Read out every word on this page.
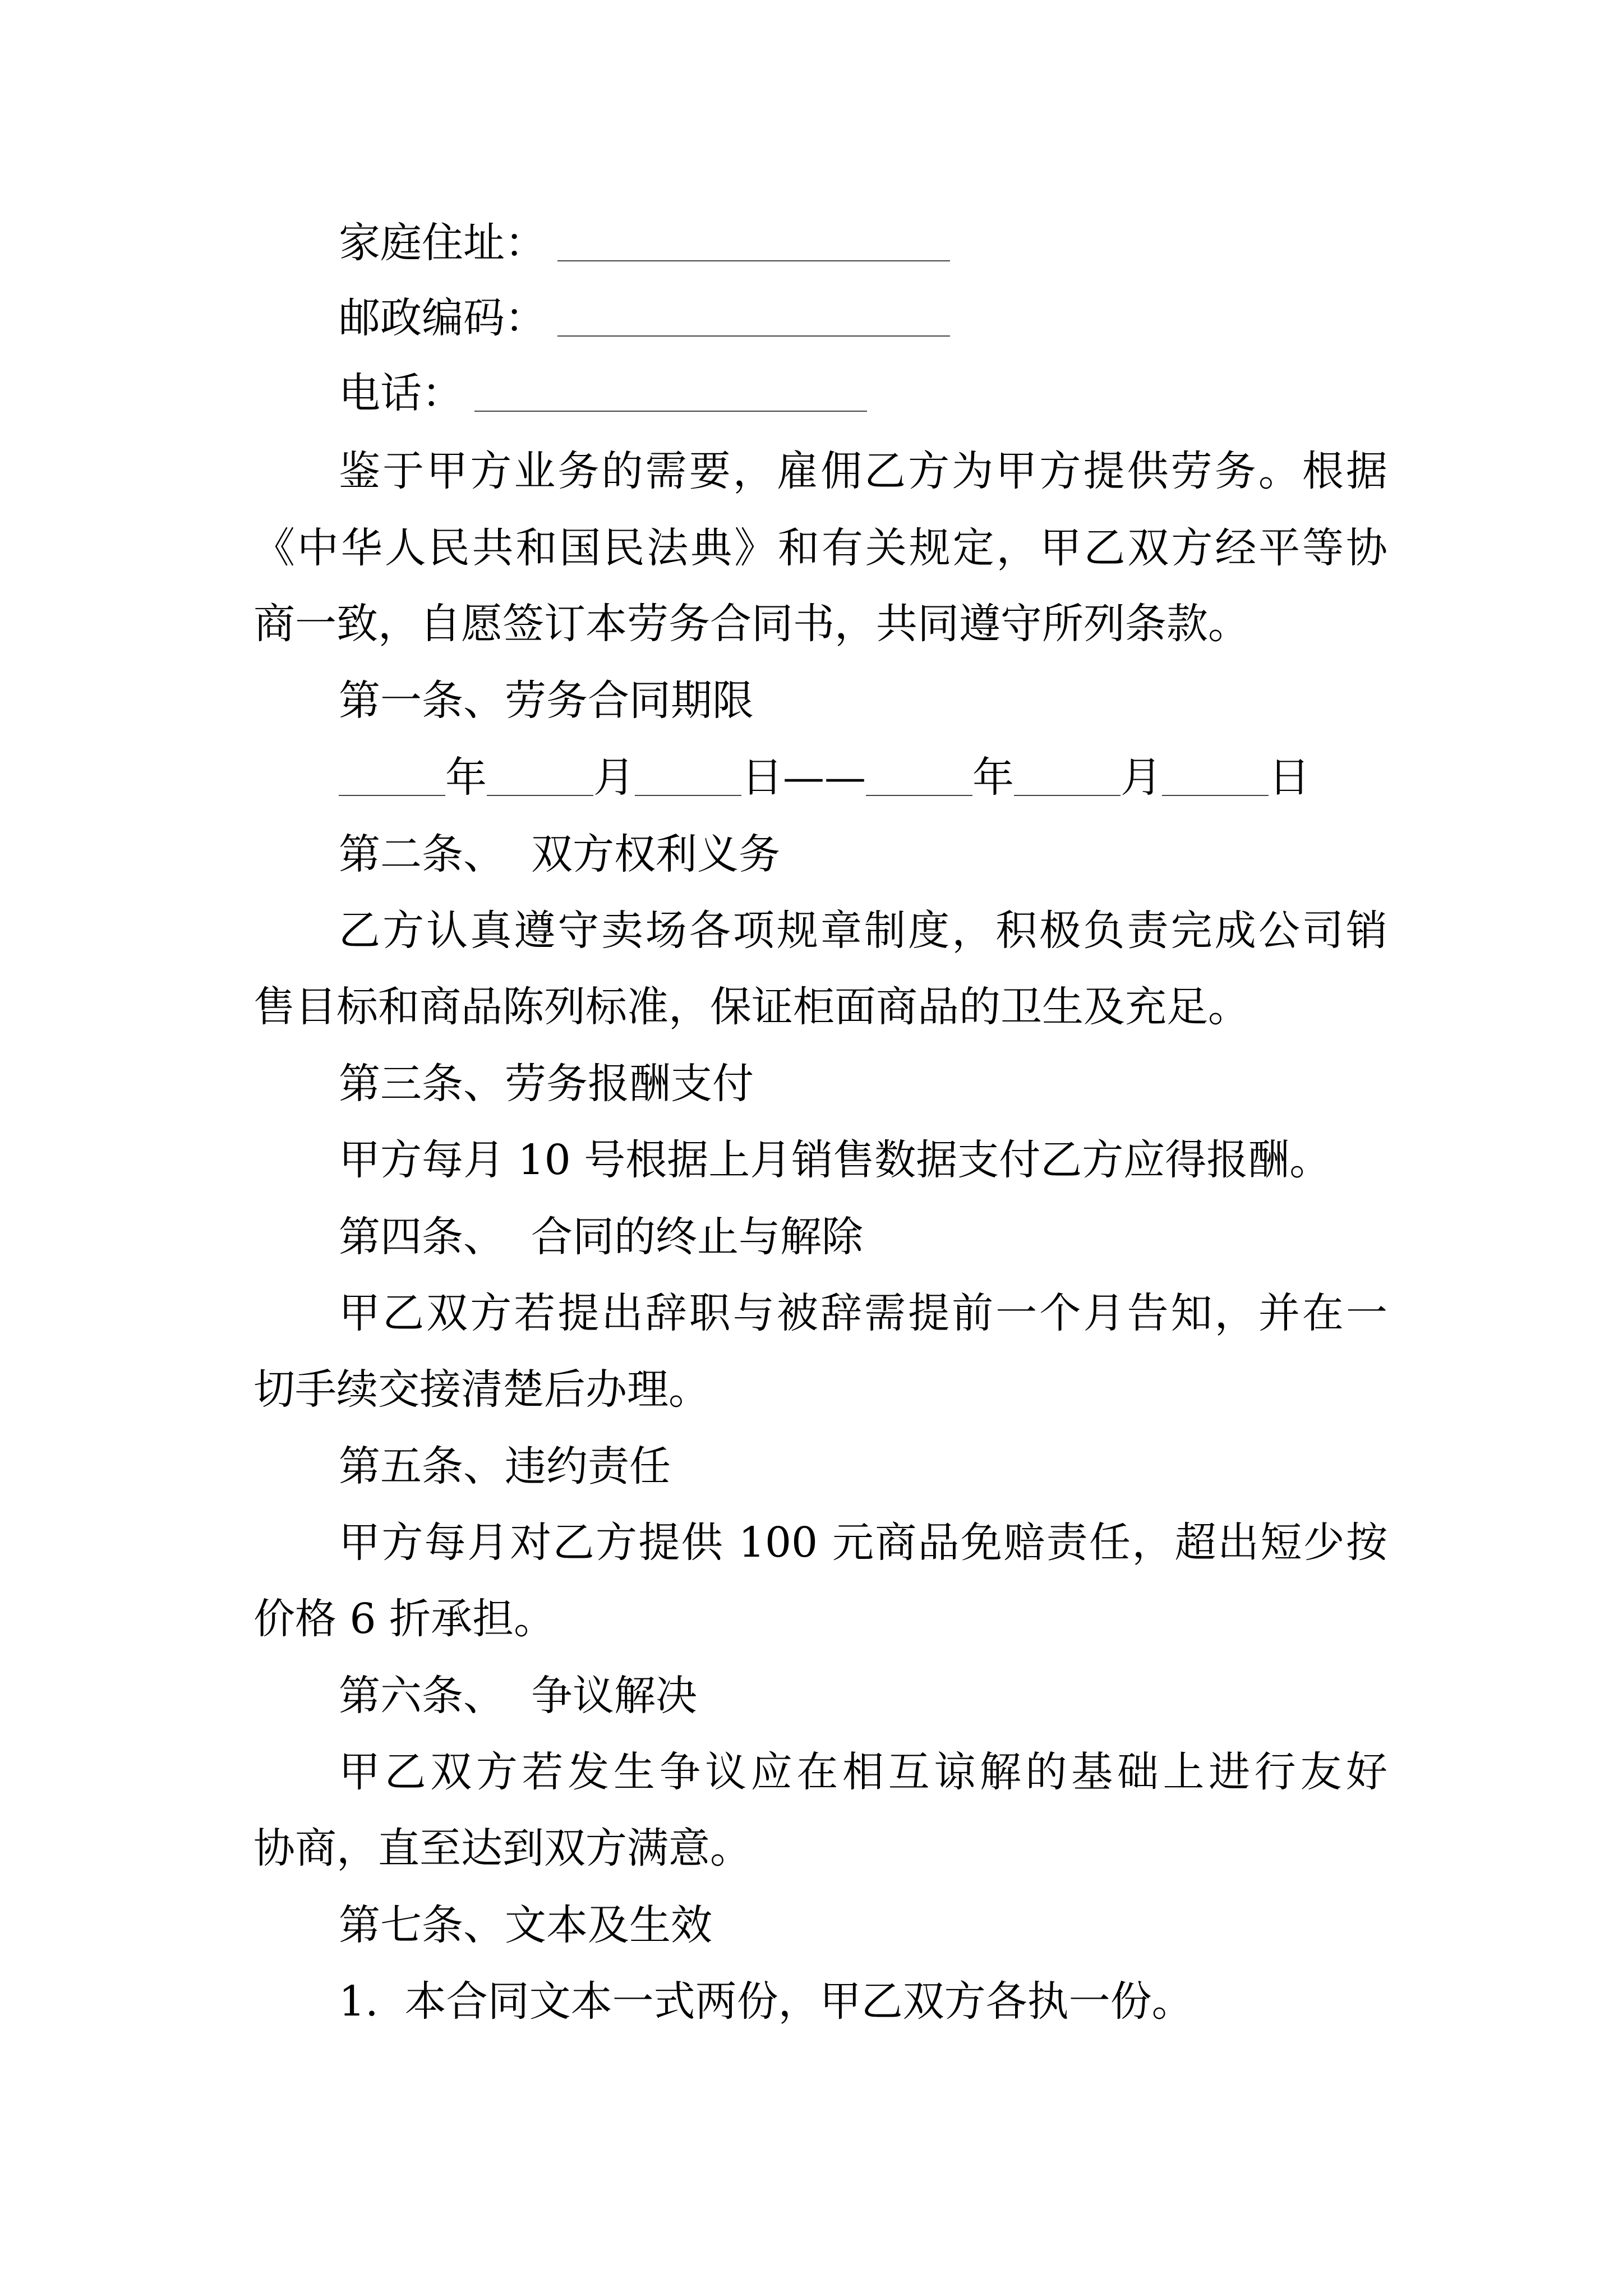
家庭住址：
邮政编码：
电话：
鉴于甲方业务的需要，雇佣乙方为甲方提供劳务。根据
《中华人民共和国民法典》和有关规定，甲乙双方经平等协
商一致，自愿签订本劳务合同书，共同遵守所列条款。
第一条、劳务合同期限
年	月	日——	年	月	日
第二条、  双方权利义务
乙方认真遵守卖场各项规章制度，积极负责完成公司销
售目标和商品陈列标准，保证柜面商品的卫生及充足。
第三条、劳务报酬支付
甲方每月 10 号根据上月销售数据支付乙方应得报酬。
第四条、  合同的终止与解除
甲乙双方若提出辞职与被辞需提前一个月告知，并在一
切手续交接清楚后办理。
第五条、违约责任
甲方每月对乙方提供 100 元商品免赔责任，超出短少按
价格 6 折承担。
第六条、  争议解决
甲乙双方若发生争议应在相互谅解的基础上进行友好
协商，直至达到双方满意。
第七条、文本及生效
1.  本合同文本一式两份，甲乙双方各执一份。
